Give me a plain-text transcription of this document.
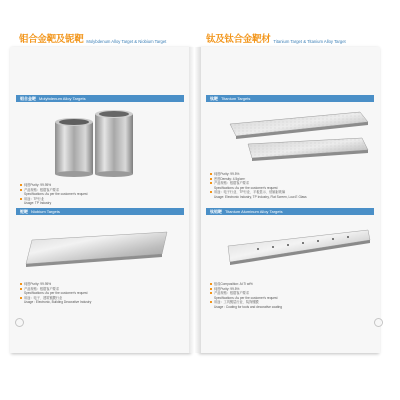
钼合金靶及铌靶 Molybdenum Alloy Target & Niobium Target
钼合金靶 Molybdenum Alloy Targets
纯度Purity: 99.95%
产品规格：根据客户要求
Specifications: As per the customer's request
用途：TP行业
Usage: TP Industry
铌靶 Niobium Targets
纯度Purity: 99.95%
产品规格：根据客户要求
Specifications: As per the customer's request
用途：电子、建筑镀膜行业
Usage : Electronic, Building Decorative Industry
钛及钛合金靶材 Titanium Target & Titanium Alloy Target
钛靶 Titanium Targets
纯度Purity: 99.5%
密度Density: 4.5g/cm³
产品规格：根据客户要求
Specifications: As per the customer's request
用途：电子行业、TP行业、平板显示、低辐射玻璃
Usage: Electronic Industry, TP Industry, Flat Screen, Low-E Glass
钛铝靶 Titanium Aluminum Alloy Targets
组成Composition: Al:Ti wt%
纯度Purity: 99.5%
产品规格：根据客户要求
Specifications: As per the customer's request
用途：工具镀层行业、装饰镀膜
Usage : Coating for tools and decorative coating
